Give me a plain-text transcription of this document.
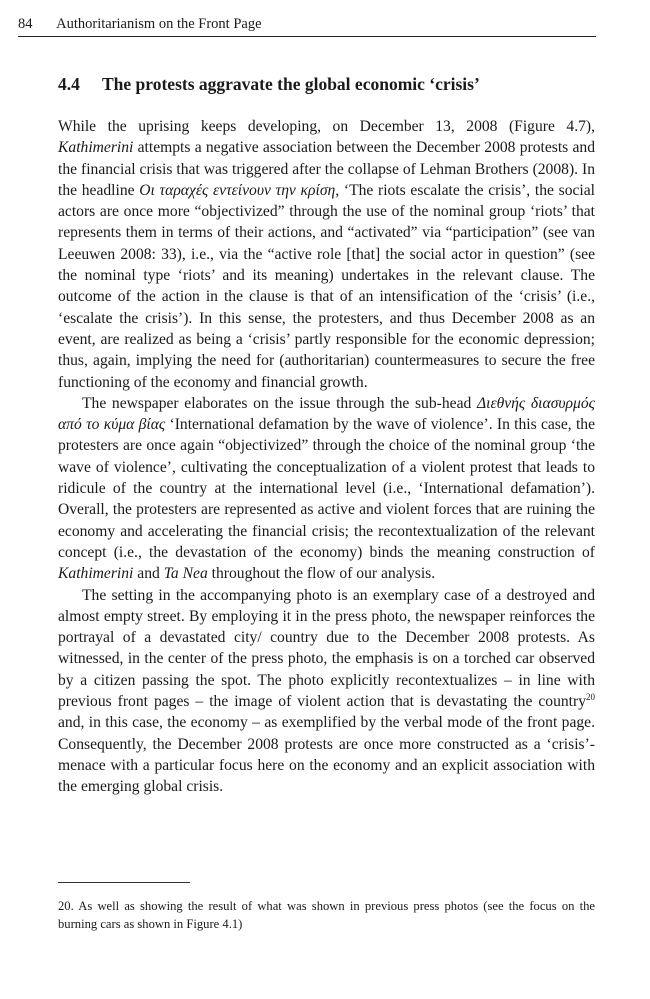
84 Authoritarianism on the Front Page
4.4 The protests aggravate the global economic ‘crisis’

While the uprising keeps developing, on December 13, 2008 (Figure 4.7), Kathimerini attempts a negative association between the December 2008 protests and the financial crisis that was triggered after the collapse of Lehman Brothers (2008). In the headline Οι ταραχές εντείνουν την κρίση, ‘The riots escalate the crisis’, the social actors are once more “objectivized” through the use of the nominal group ‘riots’ that represents them in terms of their actions, and “activated” via “participation” (see van Leeuwen 2008: 33), i.e., via the “active role [that] the social actor in question” (see the nominal type ‘riots’ and its meaning) undertakes in the relevant clause. The outcome of the action in the clause is that of an intensification of the ‘crisis’ (i.e., ‘escalate the crisis’). In this sense, the protesters, and thus December 2008 as an event, are realized as being a ‘crisis’ partly responsible for the economic depression; thus, again, implying the need for (authoritarian) countermeasures to secure the free functioning of the economy and financial growth.

The newspaper elaborates on the issue through the sub-head Διεθνής διασυρμός από το κύμα βίας ‘International defamation by the wave of violence’. In this case, the protesters are once again “objectivized” through the choice of the nominal group ‘the wave of violence’, cultivating the conceptualization of a violent protest that leads to ridicule of the country at the international level (i.e., ‘International defamation’). Overall, the protesters are represented as active and violent forces that are ruining the economy and accelerating the financial crisis; the recontextualization of the relevant concept (i.e., the devastation of the economy) binds the meaning construction of Kathimerini and Ta Nea throughout the flow of our analysis.

The setting in the accompanying photo is an exemplary case of a destroyed and almost empty street. By employing it in the press photo, the newspaper reinforces the portrayal of a devastated city/ country due to the December 2008 protests. As witnessed, in the center of the press photo, the emphasis is on a torched car observed by a citizen passing the spot. The photo explicitly recontextualizes – in line with previous front pages – the image of violent action that is devastating the country$^{20}$ and, in this case, the economy – as exemplified by the verbal mode of the front page. Consequently, the December 2008 protests are once more constructed as a ‘crisis’-menace with a particular focus here on the economy and an explicit association with the emerging global crisis.

20. As well as showing the result of what was shown in previous press photos (see the focus on the burning cars as shown in Figure 4.1)
